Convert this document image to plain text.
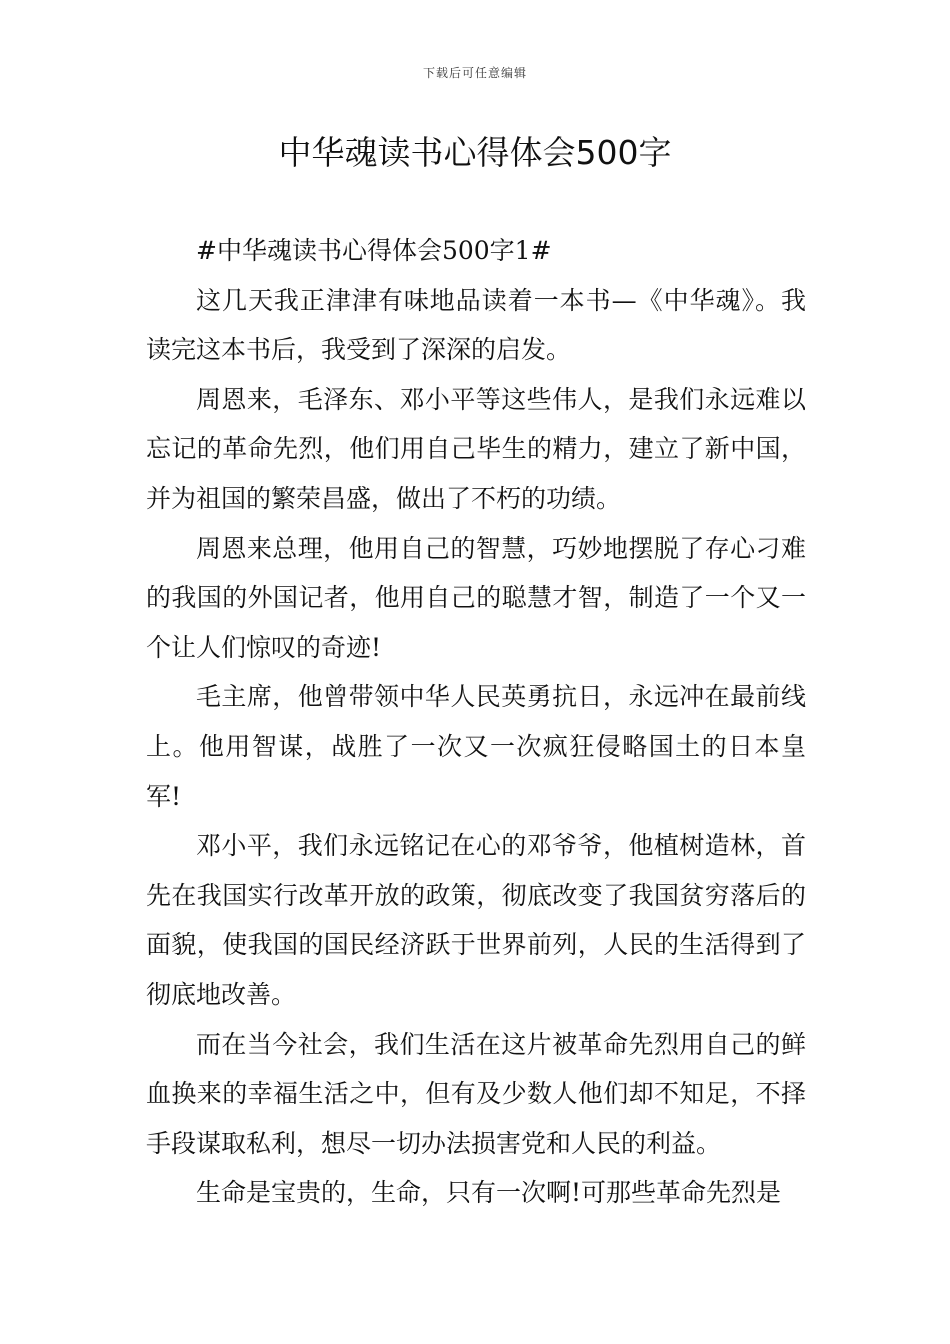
下载后可任意编辑
中华魂读书心得体会500字

#中华魂读书心得体会500字1#

这几天我正津津有味地品读着一本书—《中华魂》。我读完这本书后，我受到了深深的启发。

周恩来，毛泽东、邓小平等这些伟人，是我们永远难以忘记的革命先烈，他们用自己毕生的精力，建立了新中国，并为祖国的繁荣昌盛，做出了不朽的功绩。

周恩来总理，他用自己的智慧，巧妙地摆脱了存心刁难的我国的外国记者，他用自己的聪慧才智，制造了一个又一个让人们惊叹的奇迹!

毛主席，他曾带领中华人民英勇抗日，永远冲在最前线上。他用智谋，战胜了一次又一次疯狂侵略国土的日本皇军!

邓小平，我们永远铭记在心的邓爷爷，他植树造林，首先在我国实行改革开放的政策，彻底改变了我国贫穷落后的面貌，使我国的国民经济跃于世界前列，人民的生活得到了彻底地改善。

而在当今社会，我们生活在这片被革命先烈用自己的鲜血换来的幸福生活之中，但有及少数人他们却不知足，不择手段谋取私利，想尽一切办法损害党和人民的利益。

生命是宝贵的，生命，只有一次啊!可那些革命先烈是
